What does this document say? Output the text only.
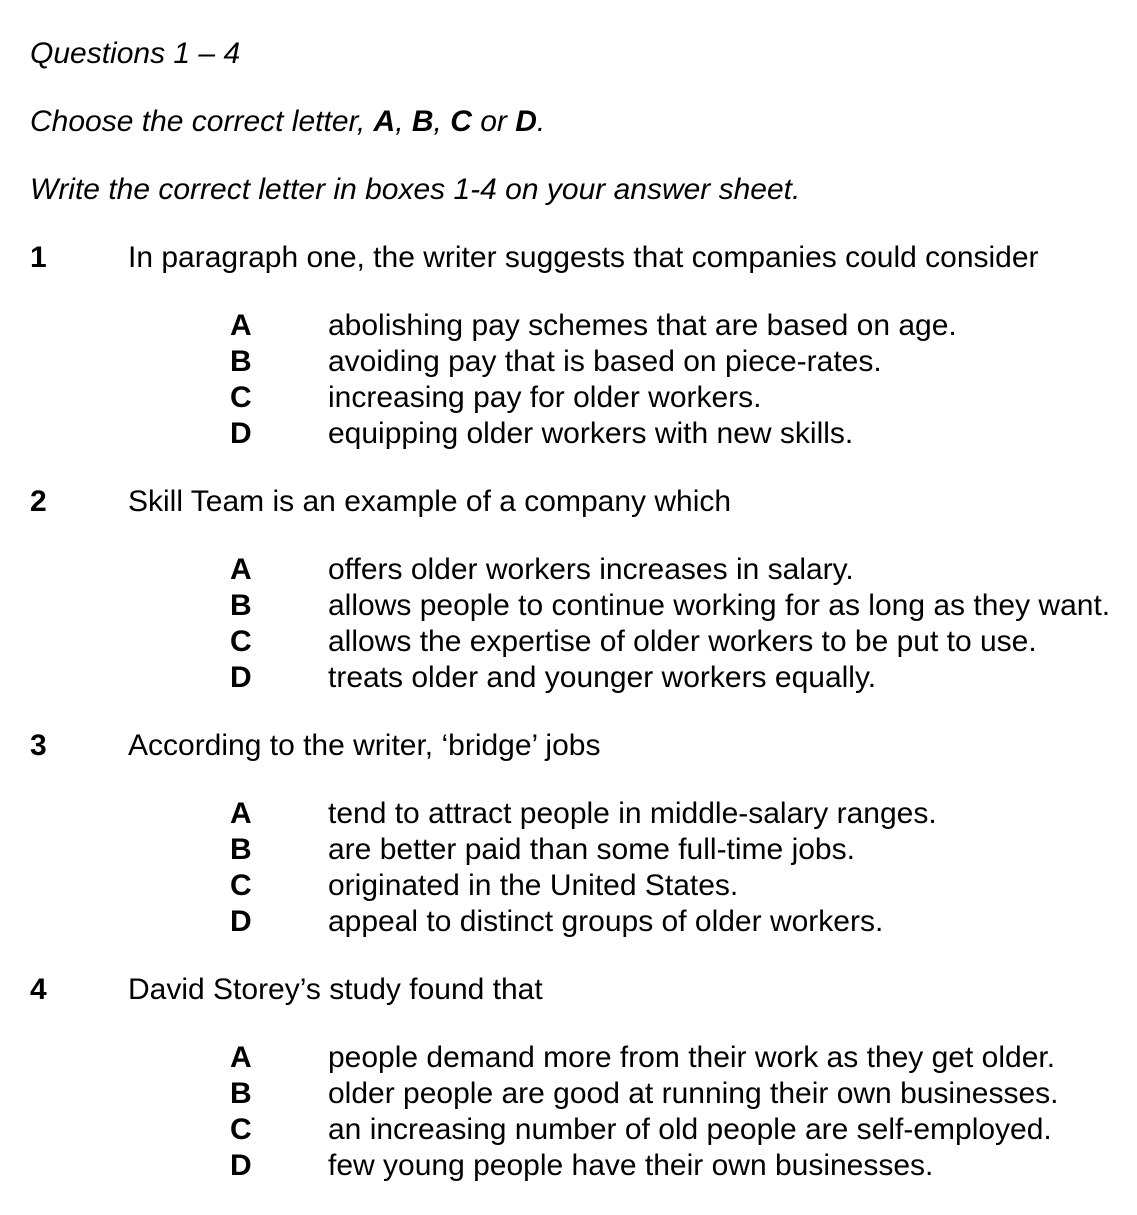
Questions 1 – 4

Choose the correct letter, A, B, C or D.

Write the correct letter in boxes 1-4 on your answer sheet.

1	In paragraph one, the writer suggests that companies could consider
A	abolishing pay schemes that are based on age.
B	avoiding pay that is based on piece-rates.
C	increasing pay for older workers.
D	equipping older workers with new skills.
2	Skill Team is an example of a company which
A	offers older workers increases in salary.
B	allows people to continue working for as long as they want.
C	allows the expertise of older workers to be put to use.
D	treats older and younger workers equally.
3	According to the writer, ‘bridge’ jobs
A	tend to attract people in middle-salary ranges.
B	are better paid than some full-time jobs.
C	originated in the United States.
D	appeal to distinct groups of older workers.
4	David Storey’s study found that
A	people demand more from their work as they get older.
B	older people are good at running their own businesses.
C	an increasing number of old people are self-employed.
D	few young people have their own businesses.
